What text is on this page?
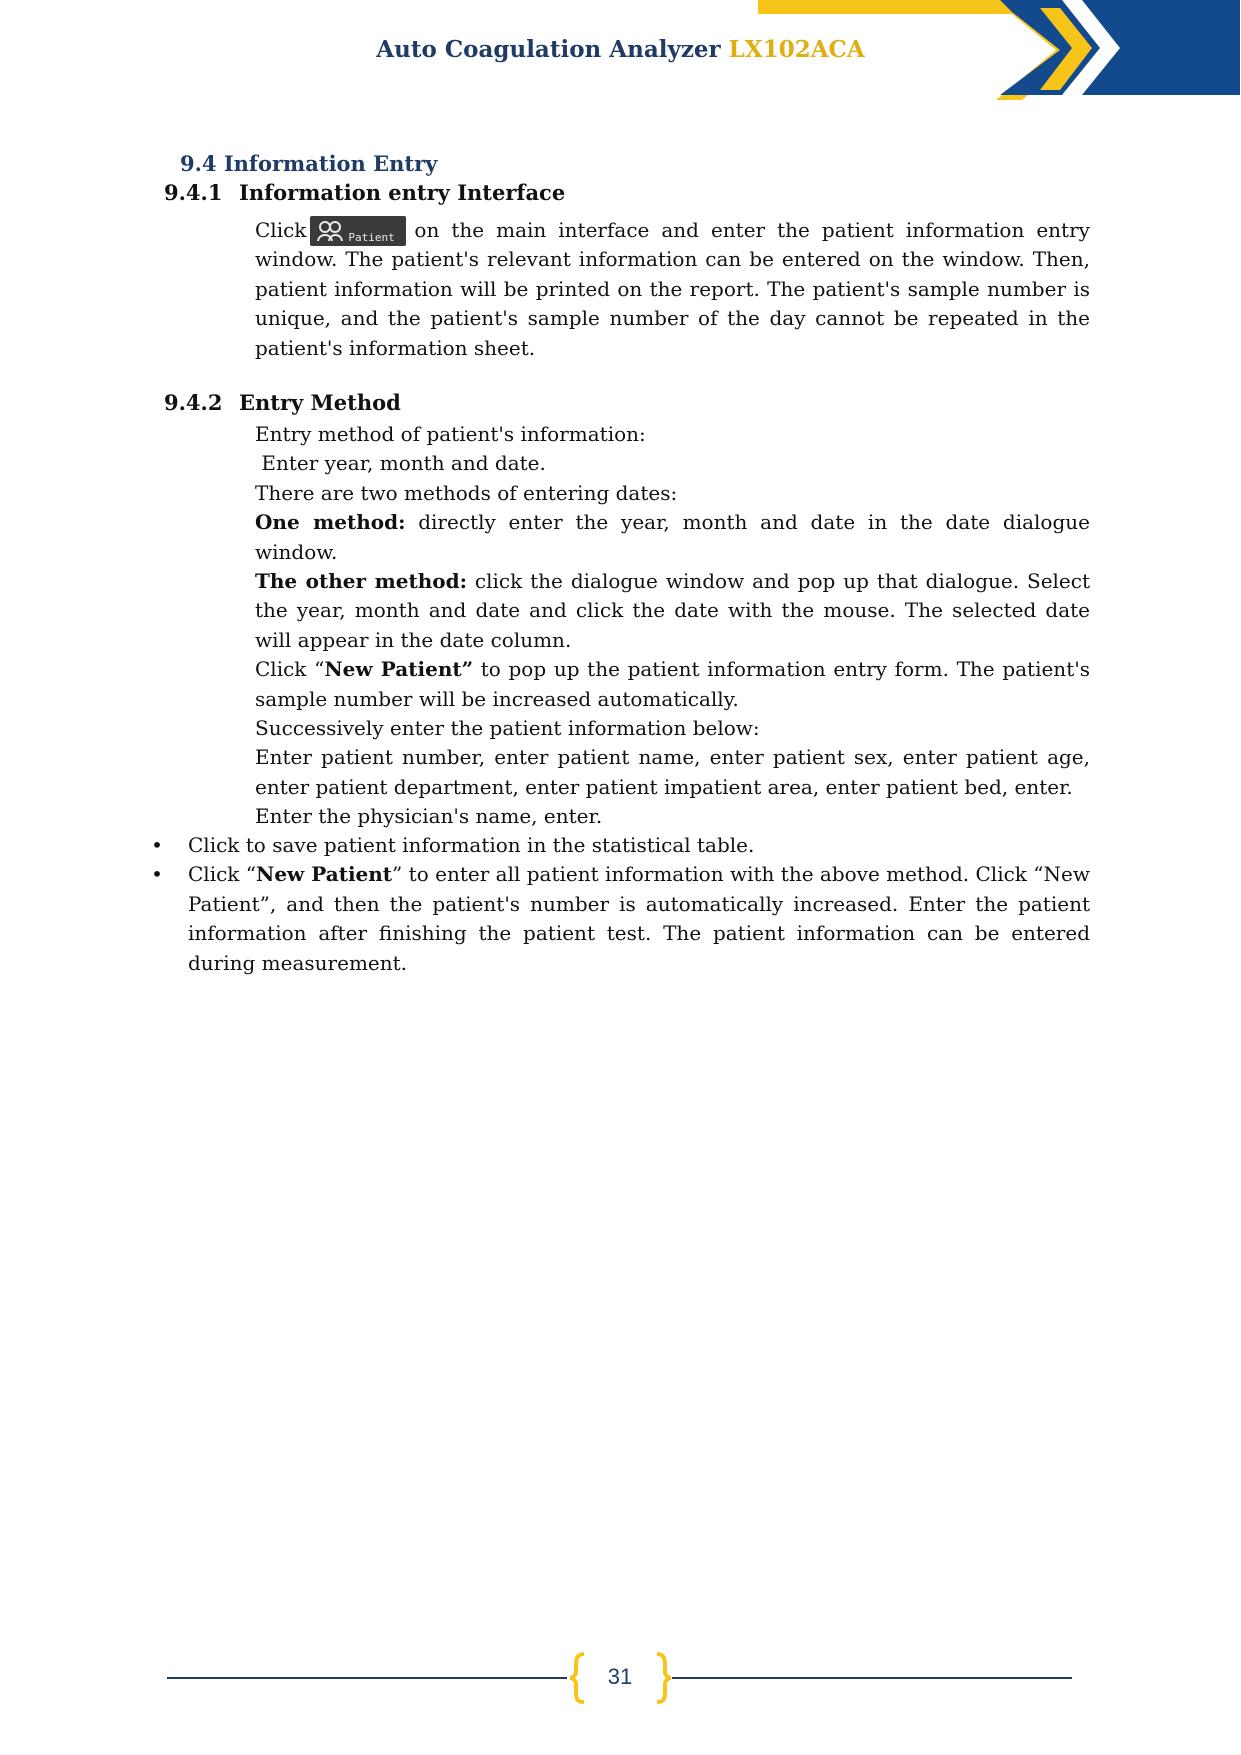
Auto Coagulation Analyzer LX102ACA
9.4 Information Entry
9.4.1 Information entry Interface
Click	Patient on the main interface and enter the patient information entry
window. The patient's relevant information can be entered on the window. Then, patient information will be printed on the report. The patient's sample number is unique, and the patient's sample number of the day cannot be repeated in the patient's information sheet.
9.4.2 Entry Method
Entry method of patient's information:
Enter year, month and date.
There are two methods of entering dates:
One method: directly enter the year, month and date in the date dialogue window.
The other method: click the dialogue window and pop up that dialogue. Select the year, month and date and click the date with the mouse. The selected date will appear in the date column.
Click “New Patient” to pop up the patient information entry form. The patient's sample number will be increased automatically.
Successively enter the patient information below:
Enter patient number, enter patient name, enter patient sex, enter patient age, enter patient department, enter patient impatient area, enter patient bed, enter.
Enter the physician's name, enter.
• Click to save patient information in the statistical table.
• Click “New Patient” to enter all patient information with the above method. Click “New Patient”, and then the patient's number is automatically increased. Enter the patient information after finishing the patient test. The patient information can be entered during measurement.
31
